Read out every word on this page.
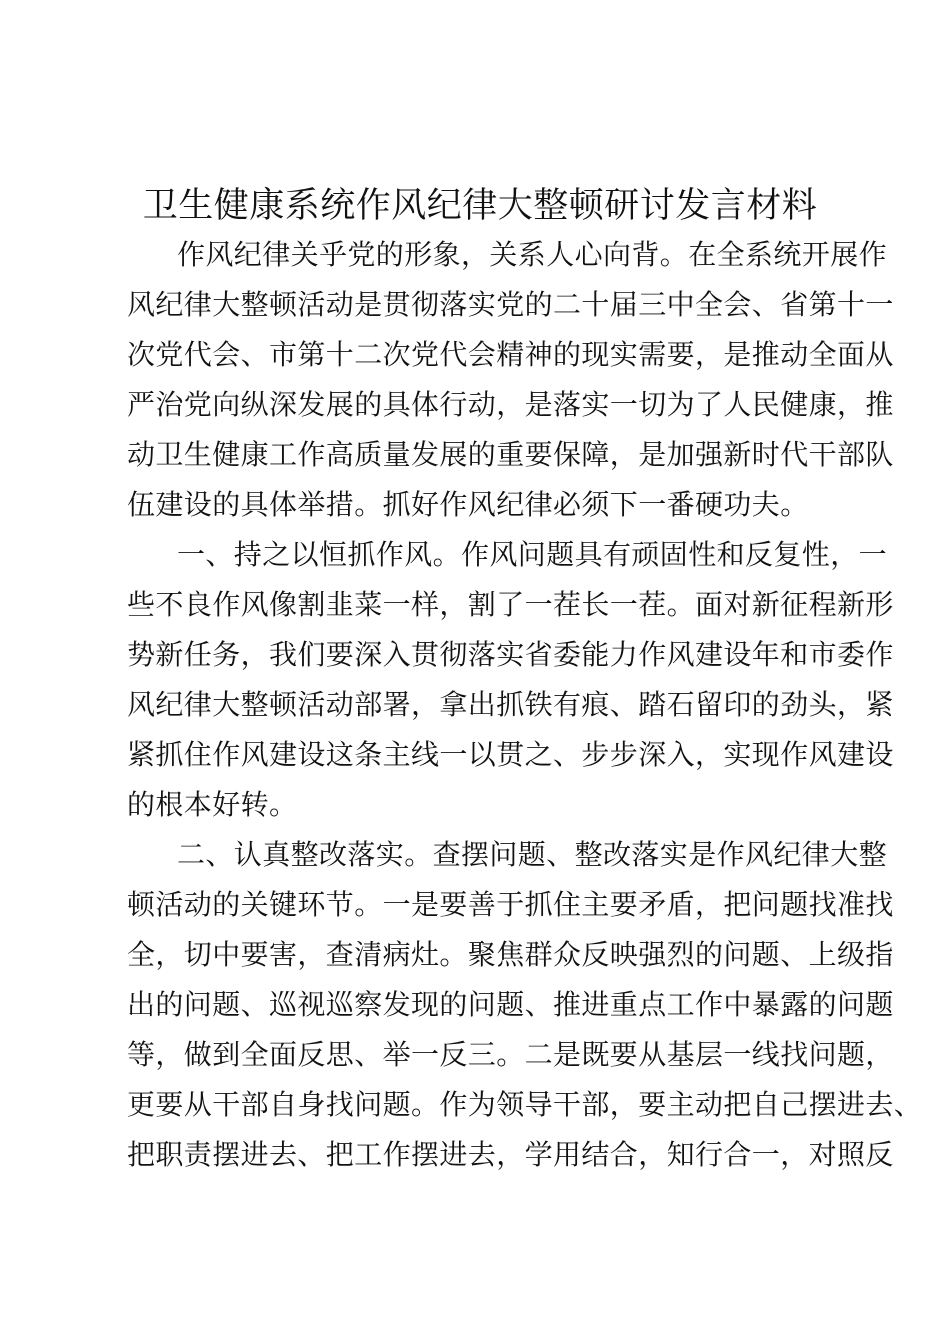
卫生健康系统作风纪律大整顿研讨发言材料
作风纪律关乎党的形象，关系人心向背。在全系统开展作
风纪律大整顿活动是贯彻落实党的二十届三中全会、省第十一
次党代会、市第十二次党代会精神的现实需要，是推动全面从
严治党向纵深发展的具体行动，是落实一切为了人民健康，推
动卫生健康工作高质量发展的重要保障，是加强新时代干部队
伍建设的具体举措。抓好作风纪律必须下一番硬功夫。
一、持之以恒抓作风。作风问题具有顽固性和反复性，一
些不良作风像割韭菜一样，割了一茬长一茬。面对新征程新形
势新任务，我们要深入贯彻落实省委能力作风建设年和市委作
风纪律大整顿活动部署，拿出抓铁有痕、踏石留印的劲头，紧
紧抓住作风建设这条主线一以贯之、步步深入，实现作风建设
的根本好转。
二、认真整改落实。查摆问题、整改落实是作风纪律大整
顿活动的关键环节。一是要善于抓住主要矛盾，把问题找准找
全，切中要害，查清病灶。聚焦群众反映强烈的问题、上级指
出的问题、巡视巡察发现的问题、推进重点工作中暴露的问题
等，做到全面反思、举一反三。二是既要从基层一线找问题，
更要从干部自身找问题。作为领导干部，要主动把自己摆进去、
把职责摆进去、把工作摆进去，学用结合，知行合一，对照反
